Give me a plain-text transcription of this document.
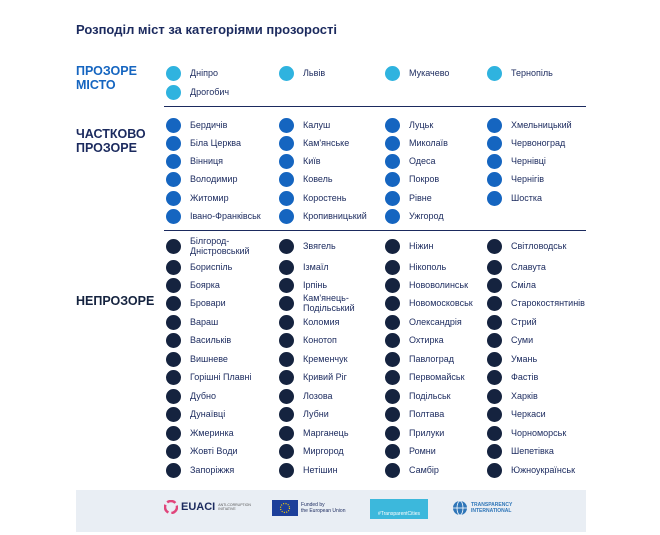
Розподіл міст за категоріями прозорості
ПРОЗОРЕ
МІСТО
Дніпро	Львів	Мукачево	Тернопіль
Дрогобич
ЧАСТКОВО
ПРОЗОРЕ
Бердичів	Калуш	Луцьк	Хмельницький
Біла Церква	Кам'янське	Миколаїв	Червоноград
Вінниця	Київ	Одеса	Чернівці
Володимир	Ковель	Покров	Чернігів
Житомир	Коростень	Рівне	Шостка
Івано-Франківськ	Кропивницький	Ужгород
НЕПРОЗОРЕ
Білгород-
Дністровський	Звягель	Ніжин	Світловодськ
Бориспіль	Ізмаїл	Нікополь	Славута
Боярка	Ірпінь	Нововолинськ	Сміла
Бровари	Кам'янець-
Подільський	Новомосковськ	Старокостянтинів
Вараш	Коломия	Олександрія	Стрий
Васильків	Конотоп	Охтирка	Суми
Вишневе	Кременчук	Павлоград	Умань
Горішні Плавні	Кривий Ріг	Первомайськ	Фастів
Дубно	Лозова	Подільськ	Харків
Дунаївці	Лубни	Полтава	Черкаси
Жмеринка	Марганець	Прилуки	Чорноморськ
Жовті Води	Миргород	Ромни	Шепетівка
Запоріжжя	Нетішин	Самбір	Южноукраїнськ
EUACI ANTI-CORRUPTION INITIATIVE
Funded by
the European Union	#TransparentCities
TRANSPARENCY
INTERNATIONAL
